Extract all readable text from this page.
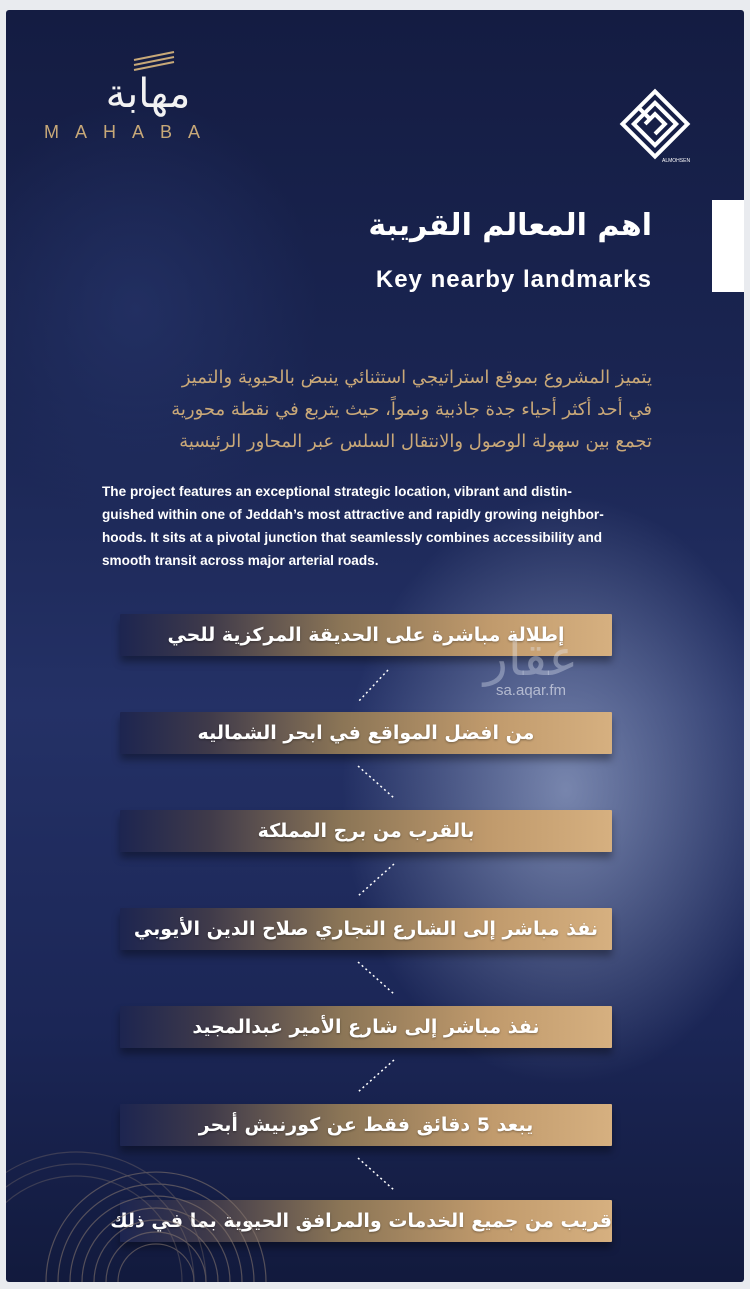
مهابة
MAHABA
ALMOHSEN
اهم المعالم القريبة
Key nearby landmarks
يتميز المشروع بموقع استراتيجي استثنائي ينبض بالحيوية والتميز
في أحد أكثر أحياء جدة جاذبية ونمواً، حيث يتربع في نقطة محورية
تجمع بين سهولة الوصول والانتقال السلس عبر المحاور الرئيسية
The project features an exceptional strategic location, vibrant and distin-
guished within one of Jeddah’s most attractive and rapidly growing neighbor-
hoods. It sits at a pivotal junction that seamlessly combines accessibility and
smooth transit across major arterial roads.
إطلالة مباشرة على الحديقة المركزية للحي
من افضل المواقع في ابحر الشماليه
بالقرب من برج المملكة
نفذ مباشر إلى الشارع التجاري صلاح الدين الأيوبي
نفذ مباشر إلى شارع الأمير عبدالمجيد
يبعد 5 دقائق فقط عن كورنيش أبحر
قريب من جميع الخدمات والمرافق الحيوية بما في ذلك
عقار
sa.aqar.fm
